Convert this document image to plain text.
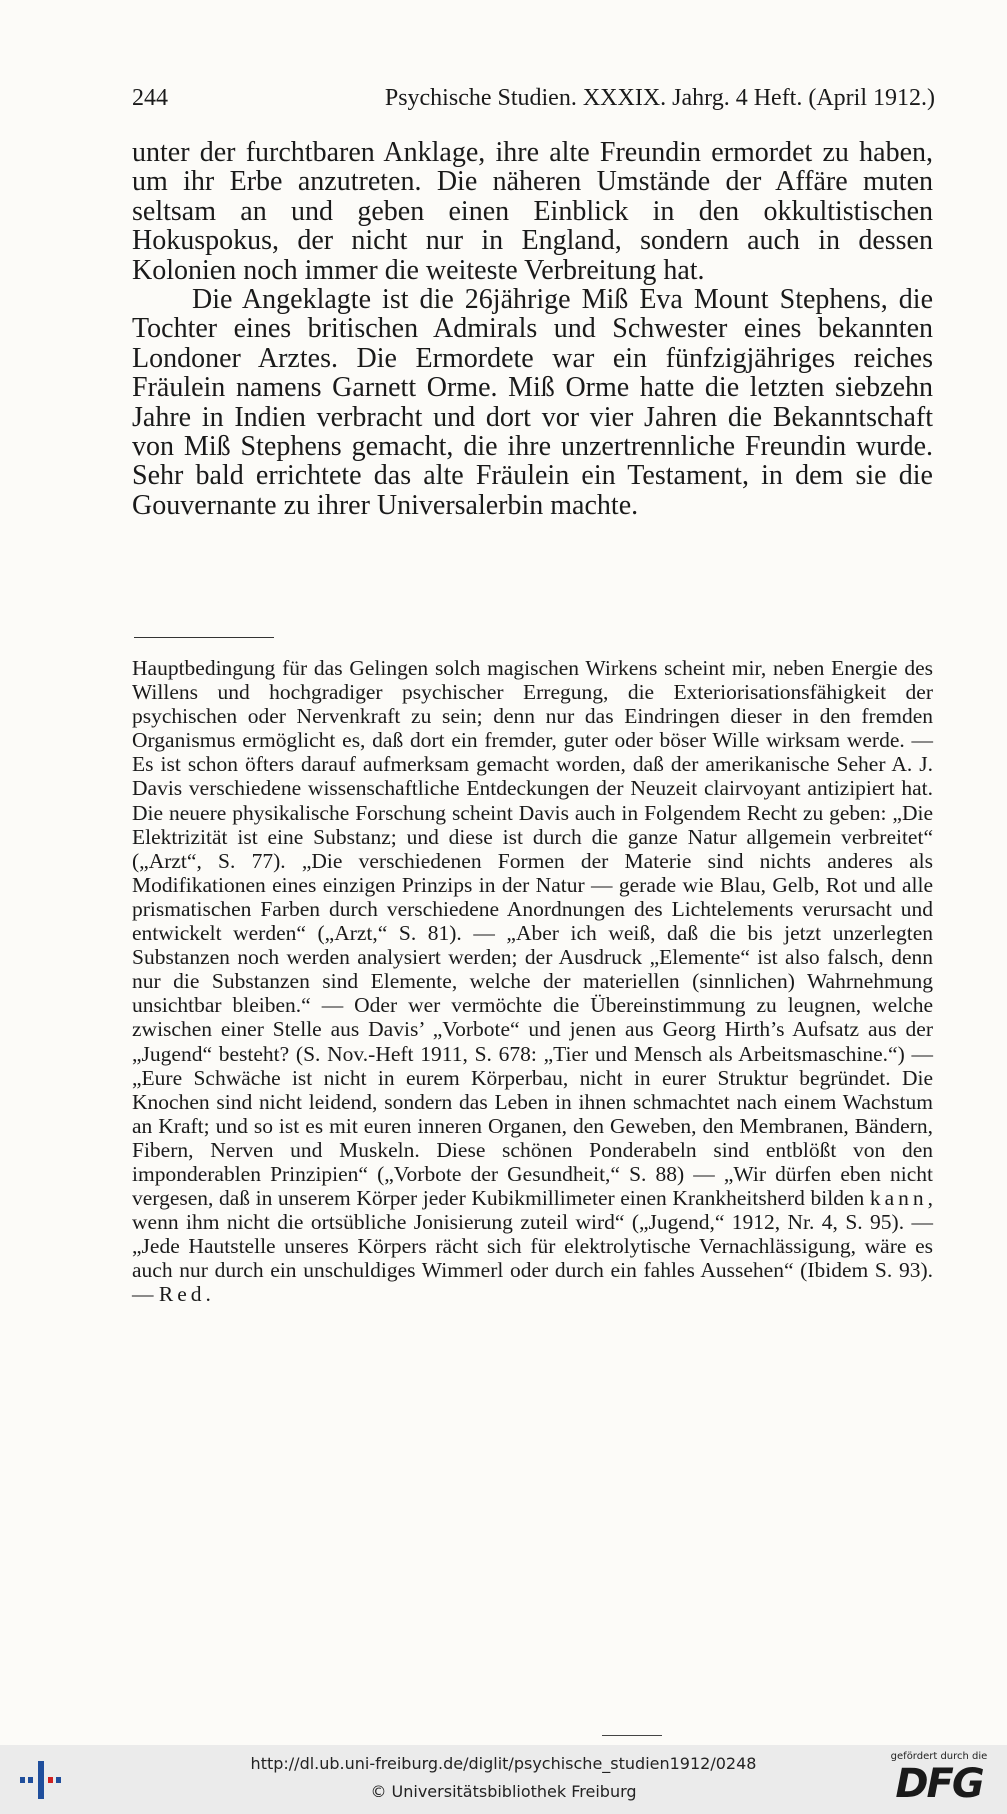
244	Psychische Studien. XXXIX. Jahrg. 4 Heft. (April 1912.)

unter der furchtbaren Anklage, ihre alte Freundin ermordet zu haben, um ihr Erbe anzutreten. Die näheren Umstände der Affäre muten seltsam an und geben einen Einblick in den okkultistischen Hokuspokus, der nicht nur in England, sondern auch in dessen Kolonien noch immer die weiteste Verbreitung hat.

Die Angeklagte ist die 26jährige Miß Eva Mount Stephens, die Tochter eines britischen Admirals und Schwester eines bekannten Londoner Arztes. Die Ermordete war ein fünfzigjähriges reiches Fräulein namens Garnett Orme. Miß Orme hatte die letzten siebzehn Jahre in Indien verbracht und dort vor vier Jahren die Bekanntschaft von Miß Stephens gemacht, die ihre unzertrennliche Freundin wurde. Sehr bald errichtete das alte Fräulein ein Testament, in dem sie die Gouvernante zu ihrer Universalerbin machte.

Hauptbedingung für das Gelingen solch magischen Wirkens scheint mir, neben Energie des Willens und hochgradiger psychischer Erregung, die Exteriorisationsfähigkeit der psychischen oder Nervenkraft zu sein; denn nur das Eindringen dieser in den fremden Organismus ermöglicht es, daß dort ein fremder, guter oder böser Wille wirksam werde. — Es ist schon öfters darauf aufmerksam gemacht worden, daß der amerikanische Seher A. J. Davis verschiedene wissenschaftliche Entdeckungen der Neuzeit clairvoyant antizipiert hat. Die neuere physikalische Forschung scheint Davis auch in Folgendem Recht zu geben: „Die Elektrizität ist eine Substanz; und diese ist durch die ganze Natur allgemein verbreitet“ („Arzt“, S. 77). „Die verschiedenen Formen der Materie sind nichts anderes als Modifikationen eines einzigen Prinzips in der Natur — gerade wie Blau, Gelb, Rot und alle prismatischen Farben durch verschiedene Anordnungen des Lichtelements verursacht und entwickelt werden“ („Arzt,“ S. 81). — „Aber ich weiß, daß die bis jetzt unzerlegten Substanzen noch werden analysiert werden; der Ausdruck „Elemente“ ist also falsch, denn nur die Substanzen sind Elemente, welche der materiellen (sinnlichen) Wahrnehmung unsichtbar bleiben.“ — Oder wer vermöchte die Übereinstimmung zu leugnen, welche zwischen einer Stelle aus Davis’ „Vorbote“ und jenen aus Georg Hirth’s Aufsatz aus der „Jugend“ besteht? (S. Nov.-Heft 1911, S. 678: „Tier und Mensch als Arbeitsmaschine.“) — „Eure Schwäche ist nicht in eurem Körperbau, nicht in eurer Struktur begründet. Die Knochen sind nicht leidend, sondern das Leben in ihnen schmachtet nach einem Wachstum an Kraft; und so ist es mit euren inneren Organen, den Geweben, den Membranen, Bändern, Fibern, Nerven und Muskeln. Diese schönen Ponderabeln sind entblößt von den imponderablen Prinzipien“ („Vorbote der Gesundheit,“ S. 88) — „Wir dürfen eben nicht vergesen, daß in unserem Körper jeder Kubikmillimeter einen Krankheitsherd bilden kann, wenn ihm nicht die ortsübliche Jonisierung zuteil wird“ („Jugend,“ 1912, Nr. 4, S. 95). — „Jede Hautstelle unseres Körpers rächt sich für elektrolytische Vernachlässigung, wäre es auch nur durch ein unschuldiges Wimmerl oder durch ein fahles Aussehen“ (Ibidem S. 93). — Red.

http://dl.ub.uni-freiburg.de/diglit/psychische_studien1912/0248
© Universitätsbibliothek Freiburg
gefördert durch die
DFG
